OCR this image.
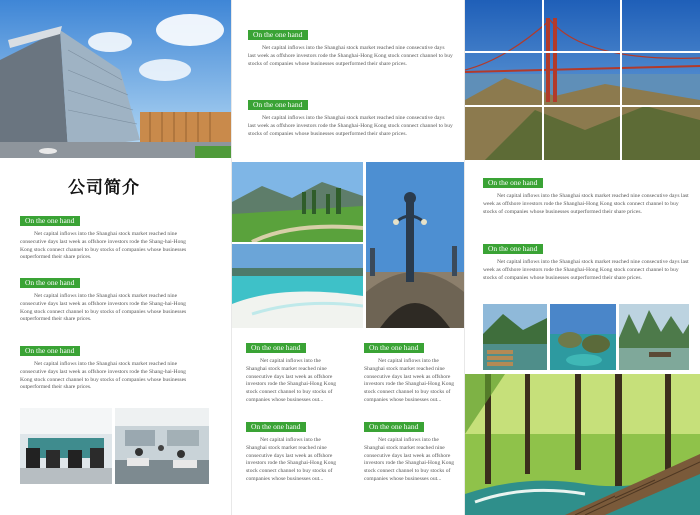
公司简介
On the one hand

Net capital inflows into the Shanghai stock market reached nine consecutive days last week as offshore investors rode the Shang-hai-Hong Kong stock connect channel to buy stocks of companies whose businesses outperformed their share prices.

On the one hand

Net capital inflows into the Shanghai stock market reached nine consecutive days last week as offshore investors rode the Shang-hai-Hong Kong stock connect channel to buy stocks of companies whose businesses outperformed their share prices.

On the one hand

Net capital inflows into the Shanghai stock market reached nine consecutive days last week as offshore investors rode the Shang-hai-Hong Kong stock connect channel to buy stocks of companies whose businesses outperformed their share prices.

On the one hand

Net capital inflows into the Shanghai stock market reached nine consecutive days last week as offshore investors rode the Shanghai-Hong Kong stock connect channel to buy stocks of companies whose businesses outperformed their share prices.

On the one hand

Net capital inflows into the Shanghai stock market reached nine consecutive days last week as offshore investors rode the Shanghai-Hong Kong stock connect channel to buy stocks of companies whose businesses outperformed their share prices.

On the one hand

Net capital inflows into the Shanghai stock market reached nine consecutive days last week as offshore investors rode the Shanghai-Hong Kong stock connect channel to buy stocks of companies whose businesses out...

On the one hand

Net capital inflows into the Shanghai stock market reached nine consecutive days last week as offshore investors rode the Shanghai-Hong Kong stock connect channel to buy stocks of companies whose businesses out...

On the one hand

Net capital inflows into the Shanghai stock market reached nine consecutive days last week as offshore investors rode the Shanghai-Hong Kong stock connect channel to buy stocks of companies whose businesses out...

On the one hand

Net capital inflows into the Shanghai stock market reached nine consecutive days last week as offshore investors rode the Shanghai-Hong Kong stock connect channel to buy stocks of companies whose businesses out...

On the one hand

Net capital inflows into the Shanghai stock market reached nine consecutive days last week as offshore investors rode the Shanghai-Hong Kong stock connect channel to buy stocks of companies whose businesses outperformed their share prices.

On the one hand

Net capital inflows into the Shanghai stock market reached nine consecutive days last week as offshore investors rode the Shanghai-Hong Kong stock connect channel to buy stocks of companies whose businesses outperformed their share prices.
